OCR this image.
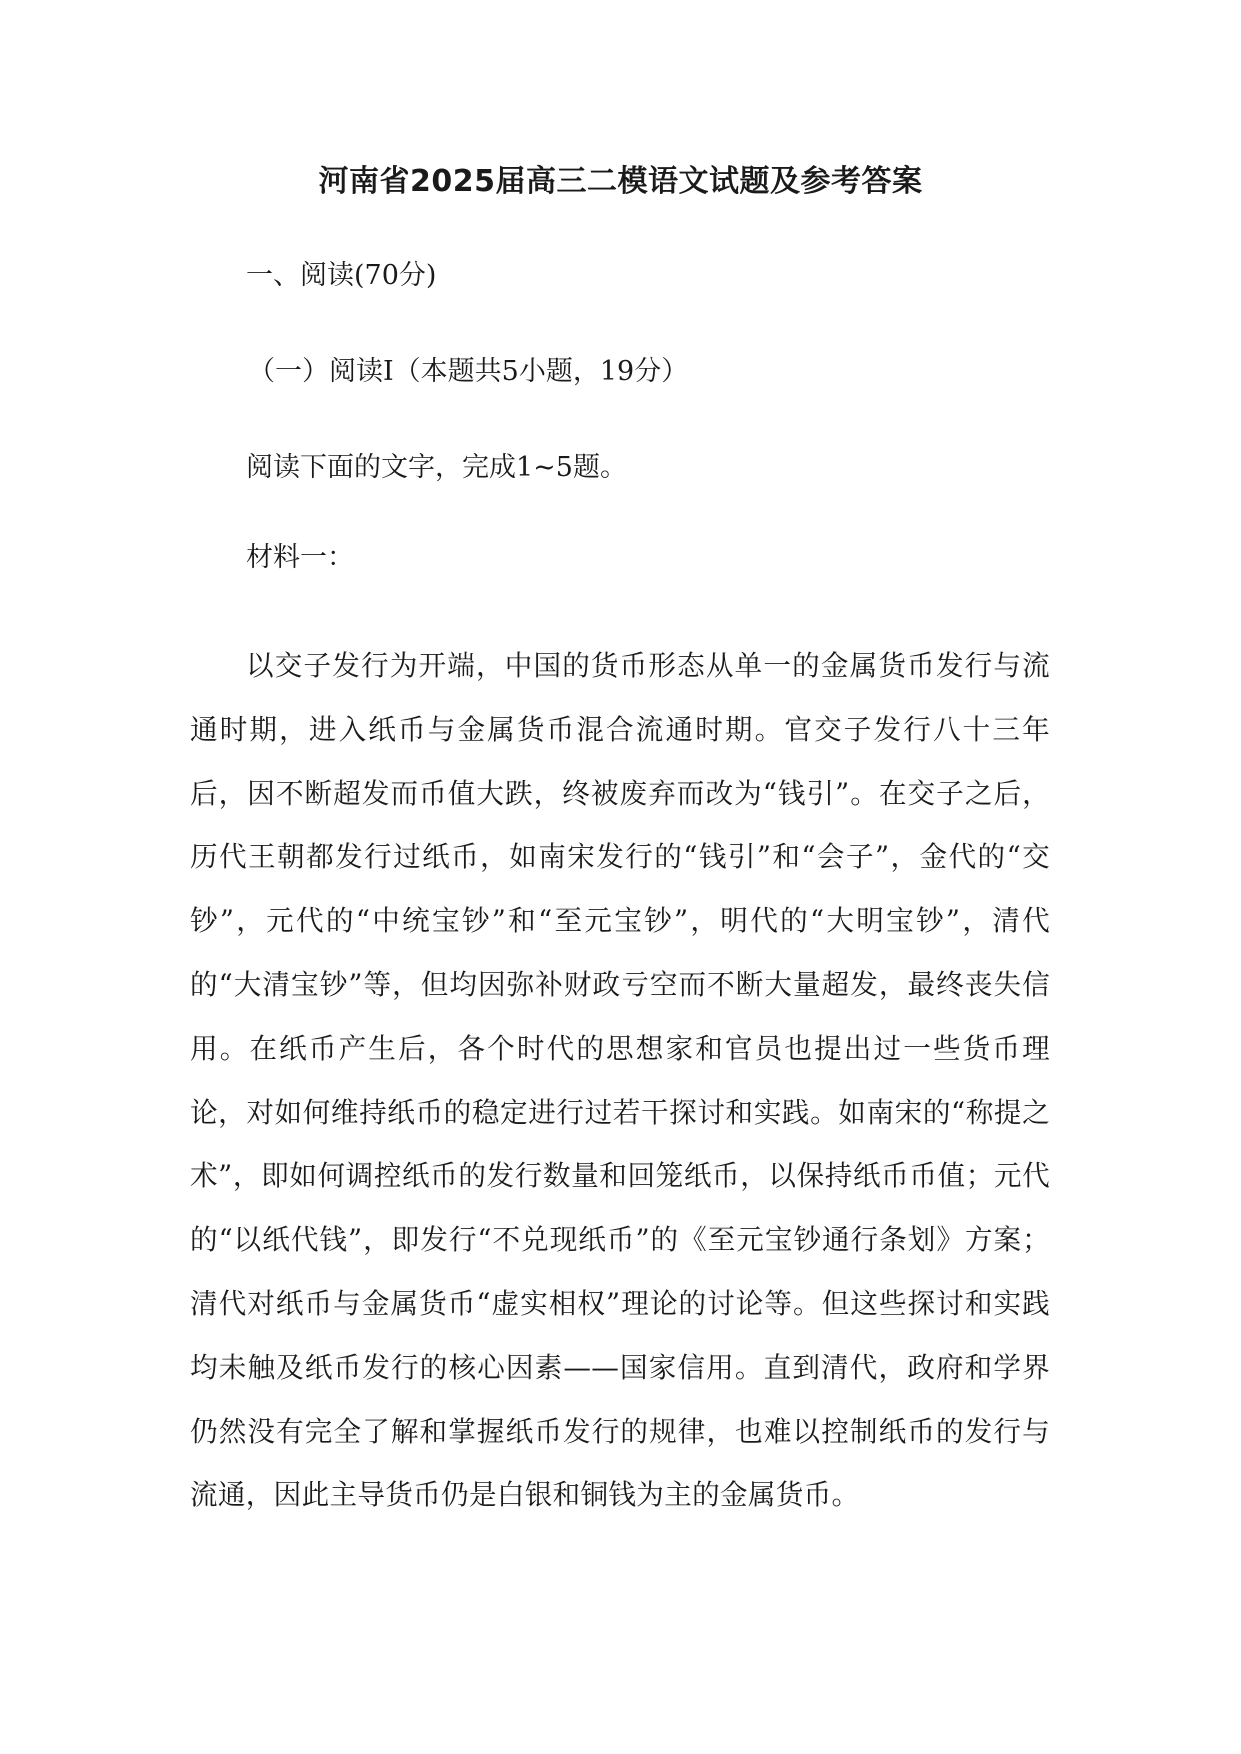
河南省2025届高三二模语文试题及参考答案

一、阅读(70分)

（一）阅读Ⅰ（本题共5小题，19分）

阅读下面的文字，完成1~5题。

材料一：

以交子发行为开端，中国的货币形态从单一的金属货币发行与流通时期，进入纸币与金属货币混合流通时期。官交子发行八十三年后，因不断超发而币值大跌，终被废弃而改为“钱引”。在交子之后，历代王朝都发行过纸币，如南宋发行的“钱引”和“会子”，金代的“交钞”，元代的“中统宝钞”和“至元宝钞”，明代的“大明宝钞”，清代的“大清宝钞”等，但均因弥补财政亏空而不断大量超发，最终丧失信用。在纸币产生后，各个时代的思想家和官员也提出过一些货币理论，对如何维持纸币的稳定进行过若干探讨和实践。如南宋的“称提之术”，即如何调控纸币的发行数量和回笼纸币，以保持纸币币值；元代的“以纸代钱”，即发行“不兑现纸币”的《至元宝钞通行条划》方案；清代对纸币与金属货币“虚实相权”理论的讨论等。但这些探讨和实践均未触及纸币发行的核心因素——国家信用。直到清代，政府和学界仍然没有完全了解和掌握纸币发行的规律，也难以控制纸币的发行与流通，因此主导货币仍是白银和铜钱为主的金属货币。
